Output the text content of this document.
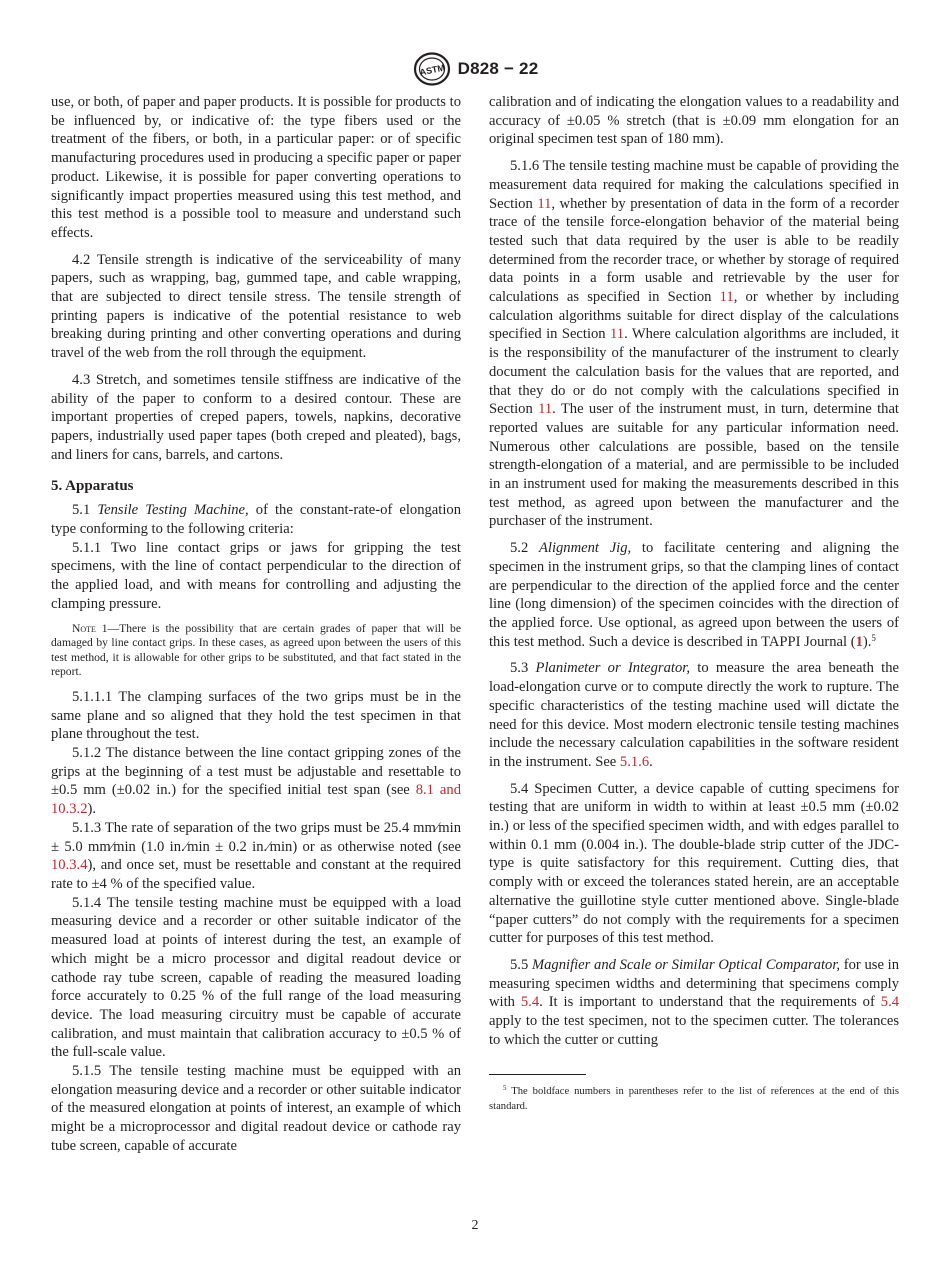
ASTM D828 − 22

use, or both, of paper and paper products. It is possible for products to be influenced by, or indicative of: the type fibers used or the treatment of the fibers, or both, in a particular paper: or of specific manufacturing procedures used in producing a specific paper or paper product. Likewise, it is possible for paper converting operations to significantly impact properties measured using this test method, and this test method is a possible tool to measure and understand such effects.

4.2 Tensile strength is indicative of the serviceability of many papers, such as wrapping, bag, gummed tape, and cable wrapping, that are subjected to direct tensile stress. The tensile strength of printing papers is indicative of the potential resistance to web breaking during printing and other converting operations and during travel of the web from the roll through the equipment.

4.3 Stretch, and sometimes tensile stiffness are indicative of the ability of the paper to conform to a desired contour. These are important properties of creped papers, towels, napkins, decorative papers, industrially used paper tapes (both creped and pleated), bags, and liners for cans, barrels, and cartons.

5. Apparatus

5.1 Tensile Testing Machine, of the constant-rate-of elongation type conforming to the following criteria:

5.1.1 Two line contact grips or jaws for gripping the test specimens, with the line of contact perpendicular to the direction of the applied load, and with means for controlling and adjusting the clamping pressure.

Note 1—There is the possibility that are certain grades of paper that will be damaged by line contact grips. In these cases, as agreed upon between the users of this test method, it is allowable for other grips to be substituted, and that fact stated in the report.

5.1.1.1 The clamping surfaces of the two grips must be in the same plane and so aligned that they hold the test specimen in that plane throughout the test.

5.1.2 The distance between the line contact gripping zones of the grips at the beginning of a test must be adjustable and resettable to ±0.5 mm (±0.02 in.) for the specified initial test span (see 8.1 and 10.3.2).

5.1.3 The rate of separation of the two grips must be 25.4 mm⁄min ± 5.0 mm⁄min (1.0 in.⁄min ± 0.2 in.⁄min) or as otherwise noted (see 10.3.4), and once set, must be resettable and constant at the required rate to ±4 % of the specified value.

5.1.4 The tensile testing machine must be equipped with a load measuring device and a recorder or other suitable indicator of the measured load at points of interest during the test, an example of which might be a micro processor and digital readout device or cathode ray tube screen, capable of reading the measured loading force accurately to 0.25 % of the full range of the load measuring device. The load measuring circuitry must be capable of accurate calibration, and must maintain that calibration accuracy to ±0.5 % of the full-scale value.

5.1.5 The tensile testing machine must be equipped with an elongation measuring device and a recorder or other suitable indicator of the measured elongation at points of interest, an example of which might be a microprocessor and digital readout device or cathode ray tube screen, capable of accurate

calibration and of indicating the elongation values to a readability and accuracy of ±0.05 % stretch (that is ±0.09 mm elongation for an original specimen test span of 180 mm).

5.1.6 The tensile testing machine must be capable of providing the measurement data required for making the calculations specified in Section 11, whether by presentation of data in the form of a recorder trace of the tensile force-elongation behavior of the material being tested such that data required by the user is able to be readily determined from the recorder trace, or whether by storage of required data points in a form usable and retrievable by the user for calculations as specified in Section 11, or whether by including calculation algorithms suitable for direct display of the calculations specified in Section 11. Where calculation algorithms are included, it is the responsibility of the manufacturer of the instrument to clearly document the calculation basis for the values that are reported, and that they do or do not comply with the calculations specified in Section 11. The user of the instrument must, in turn, determine that reported values are suitable for any particular information need. Numerous other calculations are possible, based on the tensile strength-elongation of a material, and are permissible to be included in an instrument used for making the measurements described in this test method, as agreed upon between the manufacturer and the purchaser of the instrument.

5.2 Alignment Jig, to facilitate centering and aligning the specimen in the instrument grips, so that the clamping lines of contact are perpendicular to the direction of the applied force and the center line (long dimension) of the specimen coincides with the direction of the applied force. Use optional, as agreed upon between the users of this test method. Such a device is described in TAPPI Journal (1).$^5$

5.3 Planimeter or Integrator, to measure the area beneath the load-elongation curve or to compute directly the work to rupture. The specific characteristics of the testing machine used will dictate the need for this device. Most modern electronic tensile testing machines include the necessary calculation capabilities in the software resident in the instrument. See 5.1.6.

5.4 Specimen Cutter, a device capable of cutting specimens for testing that are uniform in width to within at least ±0.5 mm (±0.02 in.) or less of the specified specimen width, and with edges parallel to within 0.1 mm (0.004 in.). The double-blade strip cutter of the JDC-type is quite satisfactory for this requirement. Cutting dies, that comply with or exceed the tolerances stated herein, are an acceptable alternative the guillotine style cutter mentioned above. Single-blade “paper cutters” do not comply with the requirements for a specimen cutter for purposes of this test method.

5.5 Magnifier and Scale or Similar Optical Comparator, for use in measuring specimen widths and determining that specimens comply with 5.4. It is important to understand that the requirements of 5.4 apply to the test specimen, not to the specimen cutter. The tolerances to which the cutter or cutting

$^5$ The boldface numbers in parentheses refer to the list of references at the end of this standard.
2
